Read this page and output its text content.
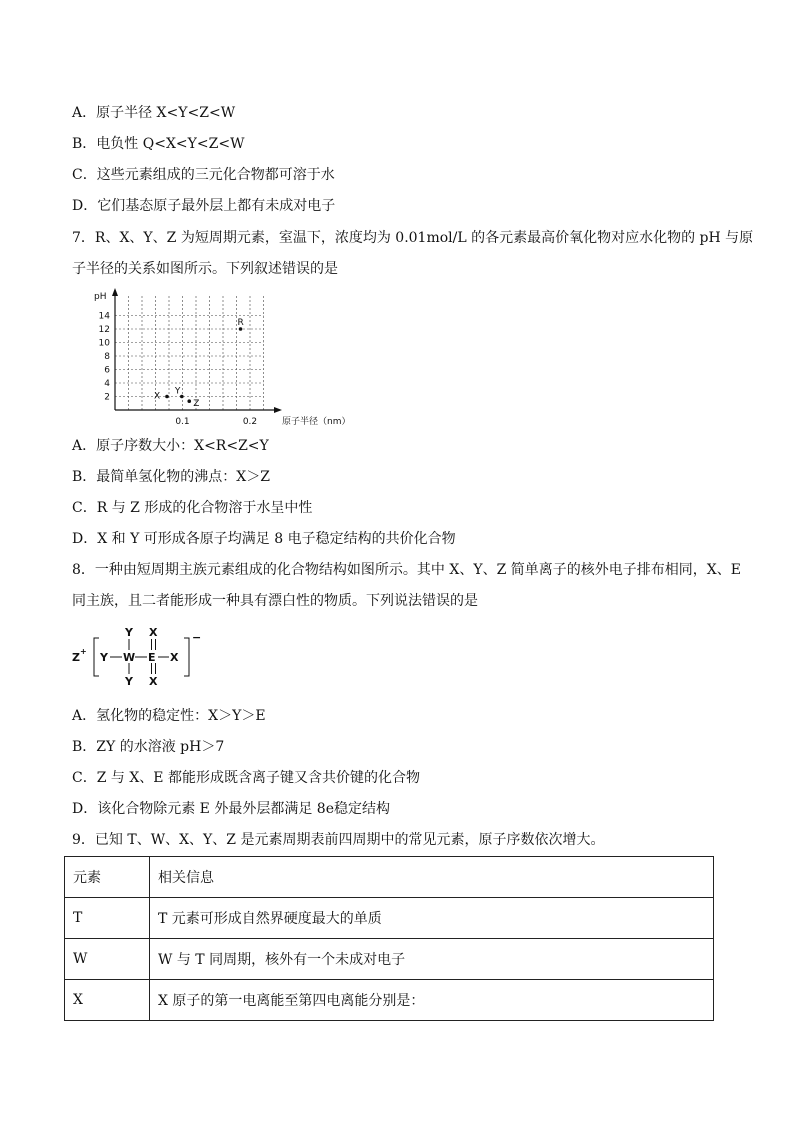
A．原子半径 X<Y<Z<W
B．电负性 Q<X<Y<Z<W
C．这些元素组成的三元化合物都可溶于水
D．它们基态原子最外层上都有未成对电子
7．R、X、Y、Z 为短周期元素，室温下，浓度均为 0.01mol/L 的各元素最高价氧化物对应水化物的 pH 与原
子半径的关系如图所示。下列叙述错误的是
pH
原子半径（nm）
2
4
6
8
10
12
14
0.1	0.2
X Y
Z
R
A．原子序数大小：X<R<Z<Y
B．最简单氢化物的沸点：X＞Z
C．R 与 Z 形成的化合物溶于水呈中性
D．X 和 Y 可形成各原子均满足 8 电子稳定结构的共价化合物
8．一种由短周期主族元素组成的化合物结构如图所示。其中 X、Y、Z 简单离子的核外电子排布相同，X、E
同主族，且二者能形成一种具有漂白性的物质。下列说法错误的是
Z +
−
Y W E X
Y
Y
X
X
A．氢化物的稳定性：X＞Y＞E
B．ZY 的水溶液 pH＞7
C．Z 与 X、E 都能形成既含离子键又含共价键的化合物
D．该化合物除元素 E 外最外层都满足 8e稳定结构
9．已知 T、W、X、Y、Z 是元素周期表前四周期中的常见元素，原子序数依次增大。
元素	相关信息
T	T 元素可形成自然界硬度最大的单质
W	W 与 T 同周期，核外有一个未成对电子
X	X 原子的第一电离能至第四电离能分别是：
